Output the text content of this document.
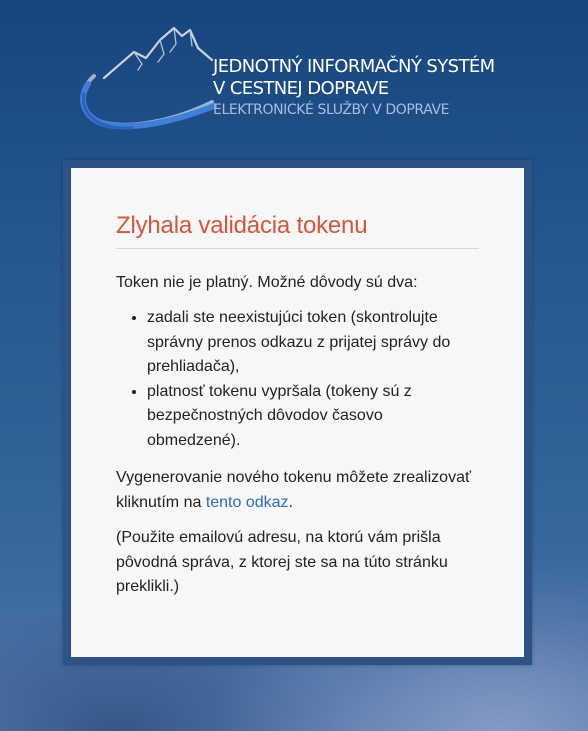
JEDNOTNÝ INFORMAČNÝ SYSTÉM
V CESTNEJ DOPRAVE
ELEKTRONICKÉ SLUŽBY V DOPRAVE
Zlyhala validácia tokenu

Token nie je platný. Možné dôvody sú dva:

• zadali ste neexistujúci token (skontrolujte správny prenos odkazu z prijatej správy do prehliadača),
• platnosť tokenu vypršala (tokeny sú z bezpečnostných dôvodov časovo obmedzené).

Vygenerovanie nového tokenu môžete zrealizovať kliknutím na tento odkaz.

(Použite emailovú adresu, na ktorú vám prišla pôvodná správa, z ktorej ste sa na túto stránku preklikli.)
